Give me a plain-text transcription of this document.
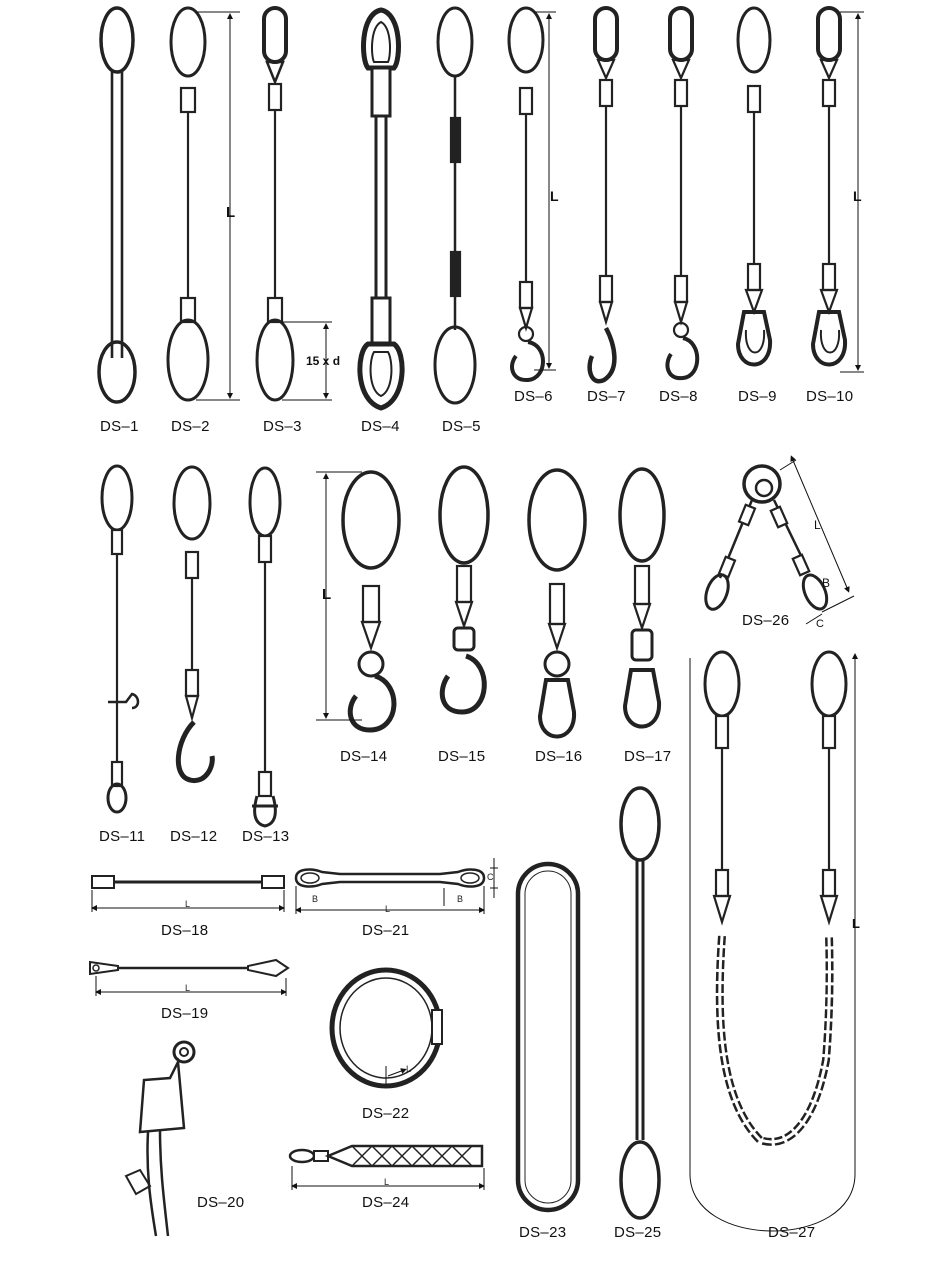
L
15 x d
L	L
L
L
B
C
L
L
L
B
L
B
C
L
L
DS–1 DS–2	DS–3	DS–4	DS–5
DS–6 DS–7 DS–8	DS–9 DS–10
DS–11 DS–12 DS–13
DS–14	DS–15	DS–16	DS–17
DS–26
DS–18	DS–21
DS–19
DS–22
DS–20	DS–24
DS–23	DS–25	DS–27
